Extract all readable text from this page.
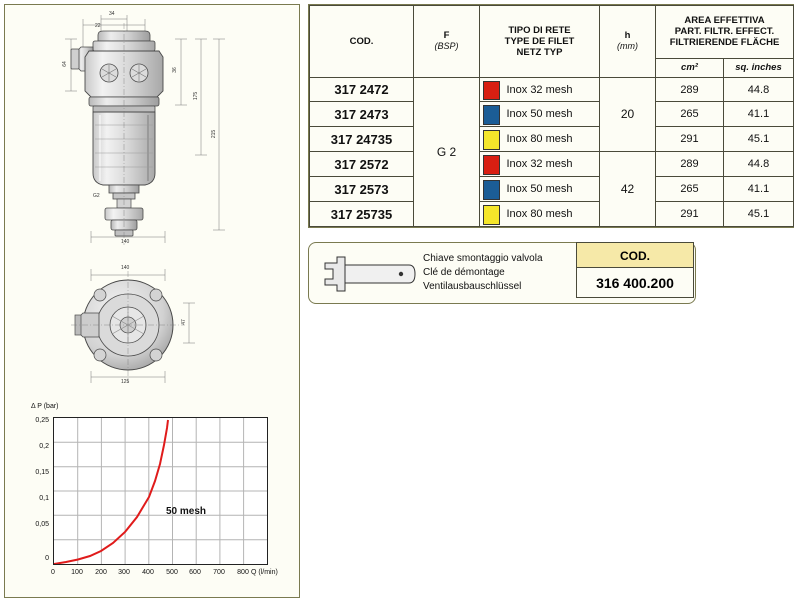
34
22
64
36
175
215
G2
140
140
47
125
Δ P (bar)
0,25
0,2
0,15
0,1
0,05
0
50 mesh
0	100	200	300	400	500	600	700	800 Q (l/min)
COD.	F
(BSP)

TIPO DI RETE
TYPE DE FILET
NETZ TYP

h
(mm)

AREA EFFETTIVA
PART. FILTR. EFFECT.
FILTRIERENDE FLÄCHE

				cm²	sq. inches
317 2472	G 2	Inox 32 mesh	20	289	44.8
317 2473		Inox 50 mesh		265	41.1
317 24735		Inox 80 mesh		291	45.1
317 2572		Inox 32 mesh	42	289	44.8
317 2573		Inox 50 mesh		265	41.1
317 25735		Inox 80 mesh		291	45.1
Chiave smontaggio valvola
Clé de démontage
Ventilausbauschlüssel
COD.
316 400.200
